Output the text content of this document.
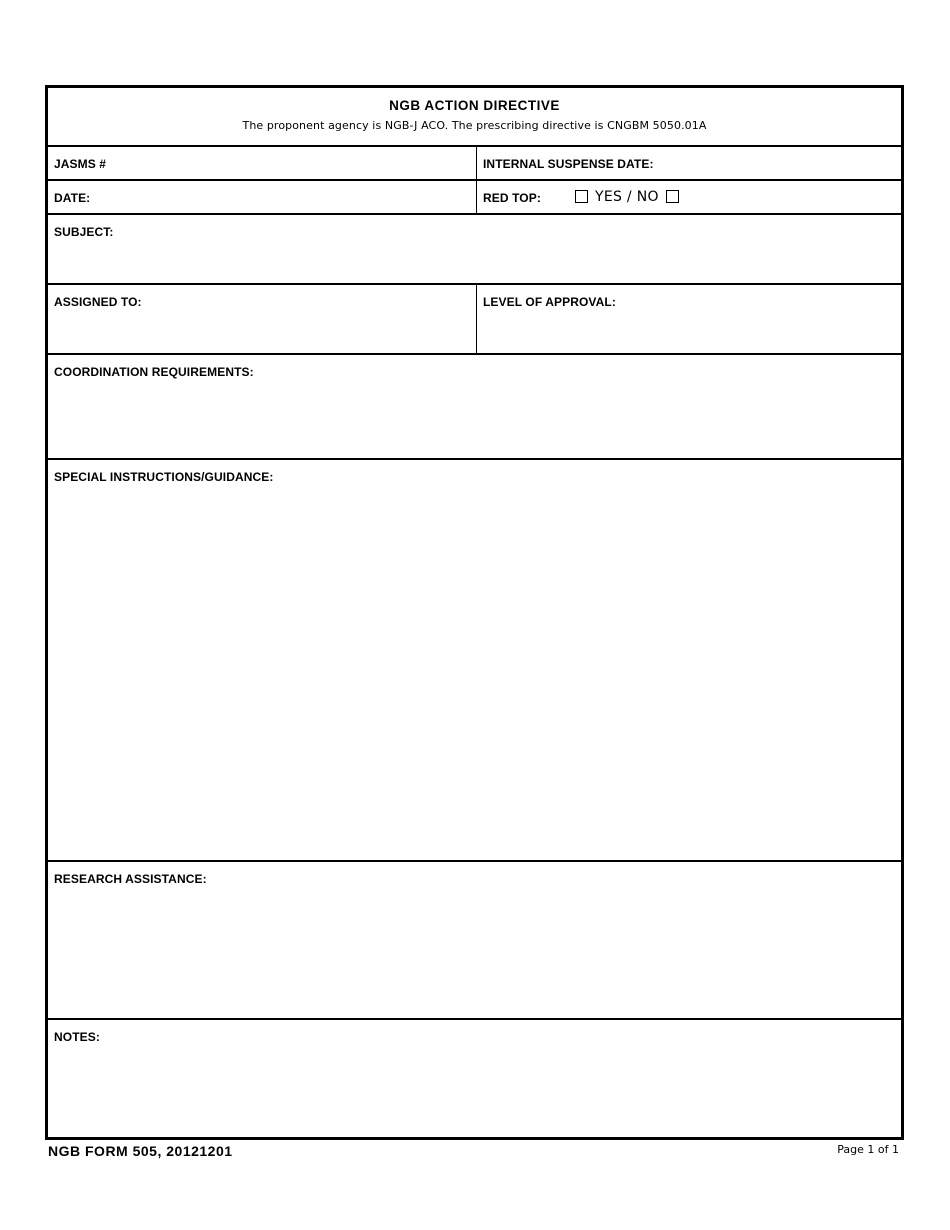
NGB ACTION DIRECTIVE
The proponent agency is NGB-J ACO. The prescribing directive is CNGBM 5050.01A
JASMS #	INTERNAL SUSPENSE DATE:
DATE:	RED TOP:	YES / NO
SUBJECT:
ASSIGNED TO:	LEVEL OF APPROVAL:
COORDINATION REQUIREMENTS:
SPECIAL INSTRUCTIONS/GUIDANCE:
RESEARCH ASSISTANCE:
NOTES:
NGB FORM 505, 20121201	Page 1 of 1
